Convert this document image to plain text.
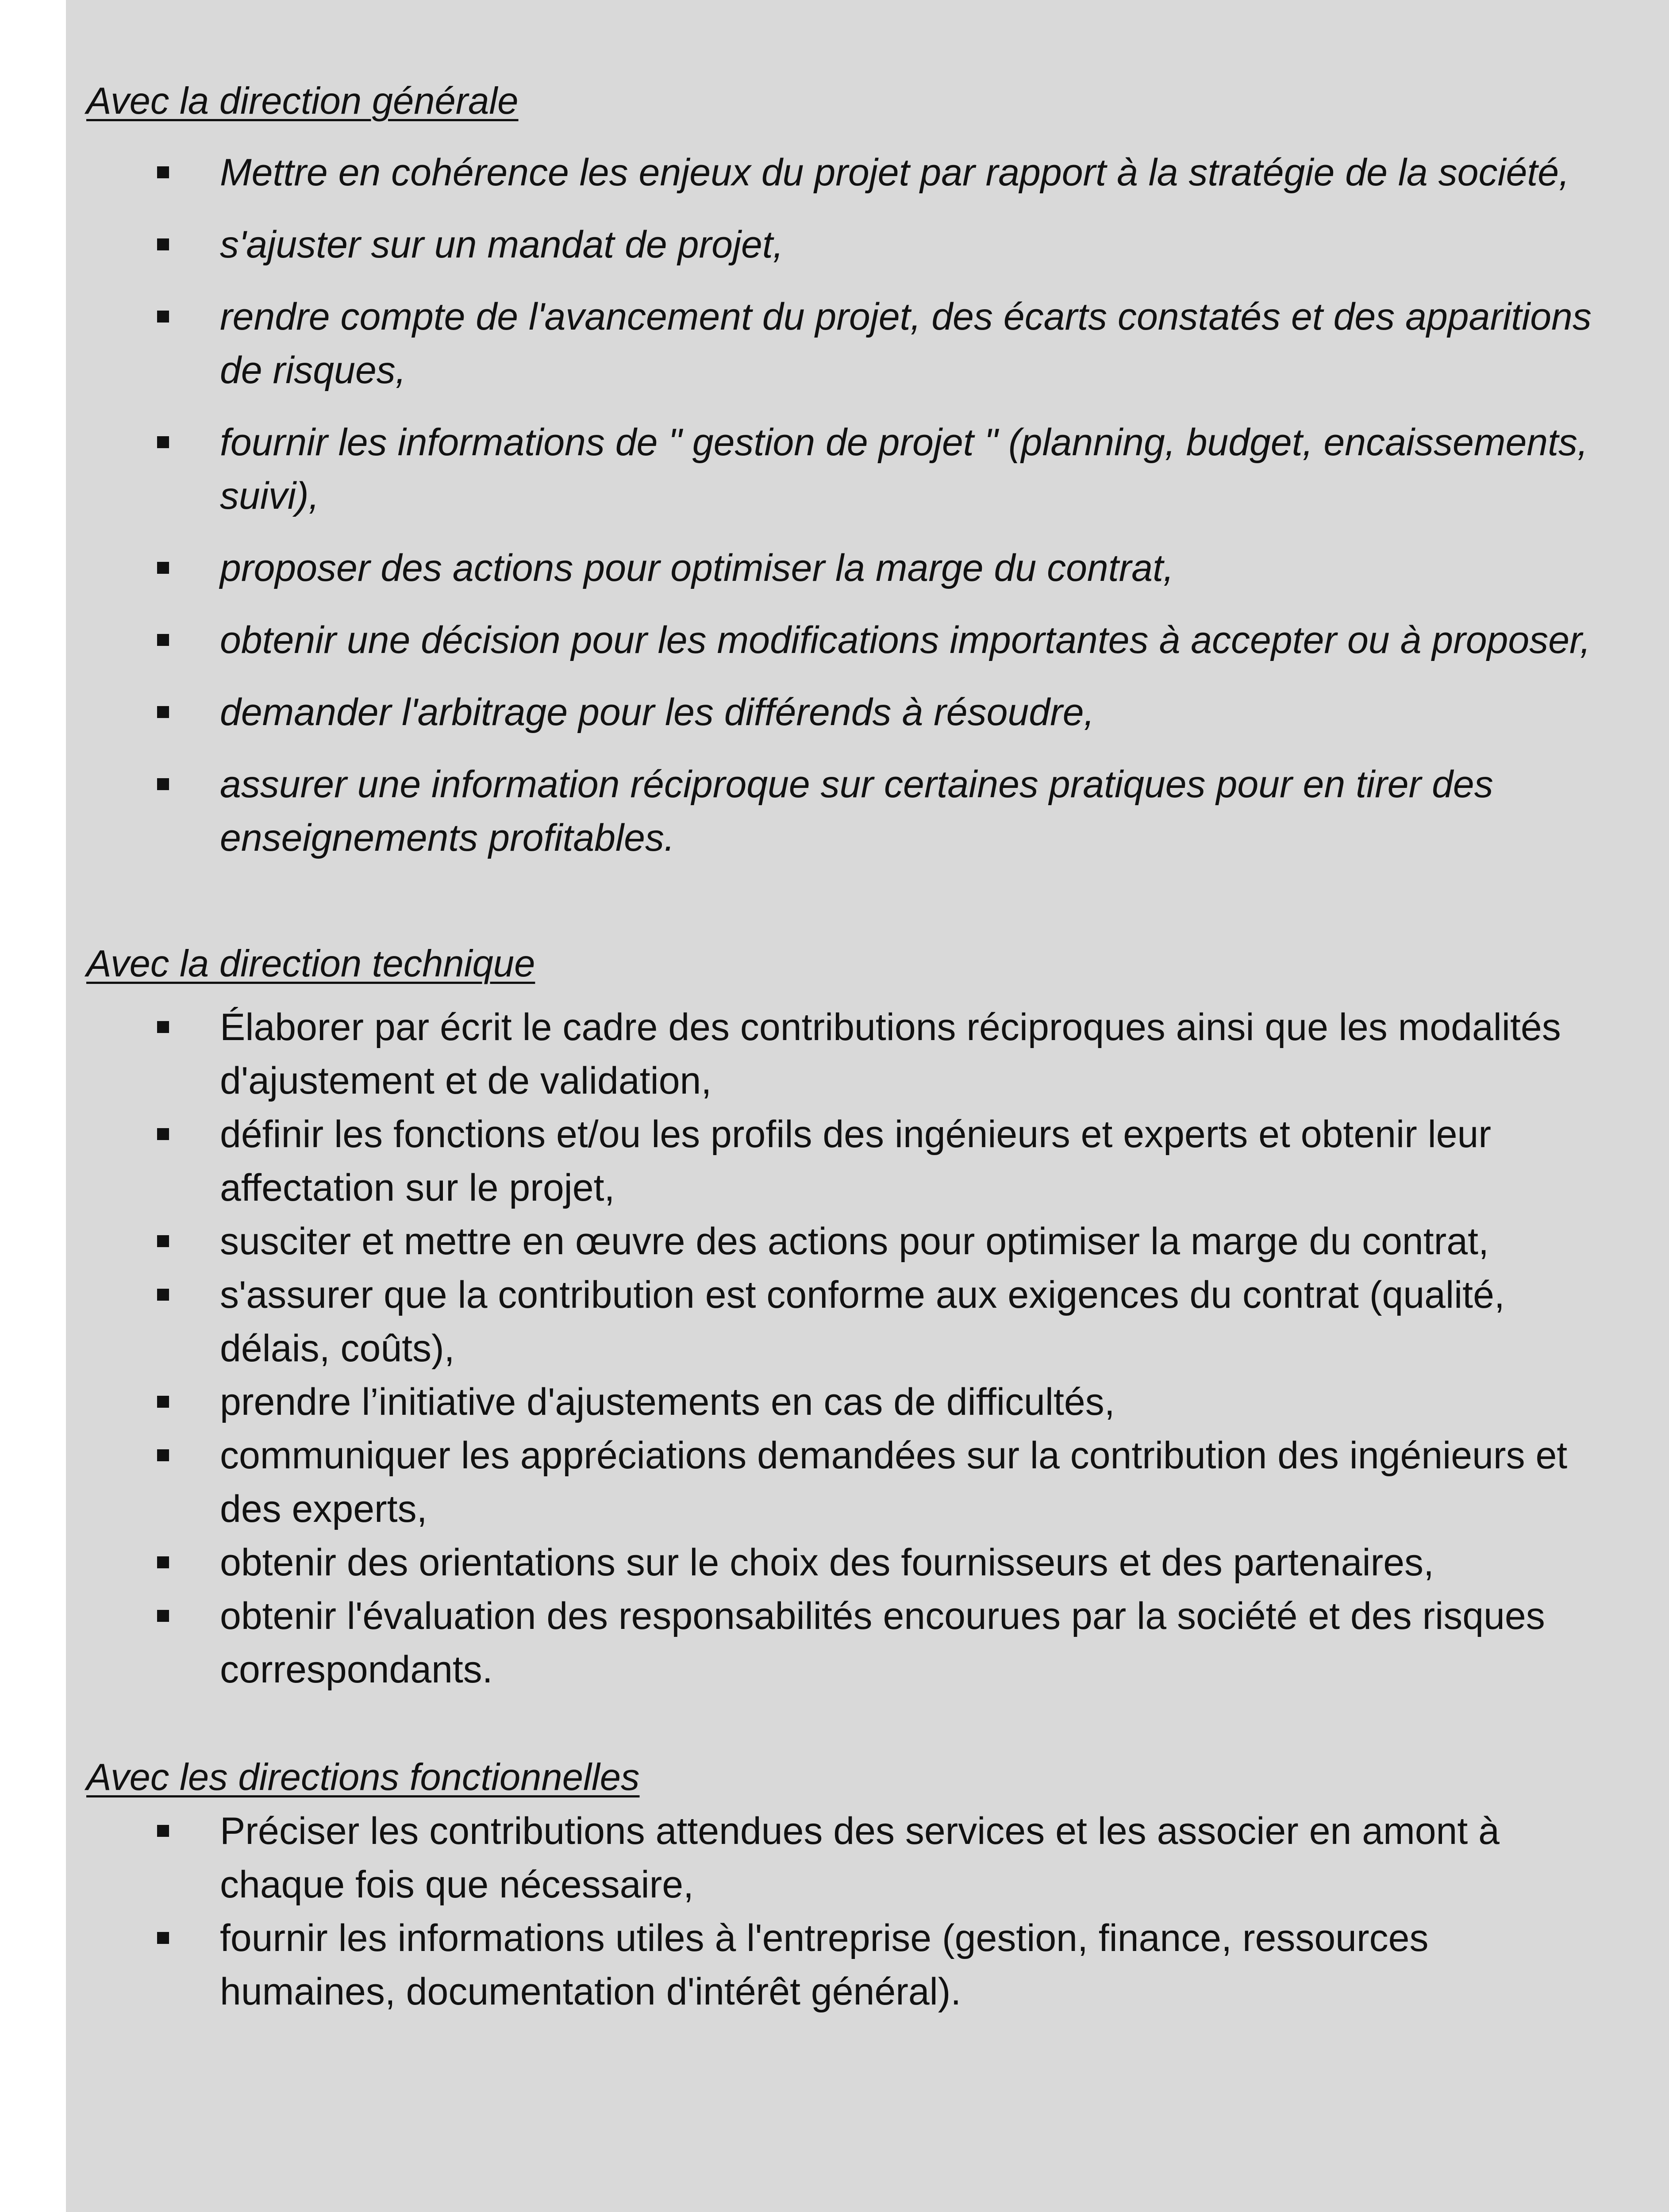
Avec la direction générale

Mettre en cohérence les enjeux du projet par rapport à la stratégie de la société,
s'ajuster sur un mandat de projet,
rendre compte de l'avancement du projet, des écarts constatés et des apparitions de risques,
fournir les informations de " gestion de projet " (planning, budget, encaissements, suivi),
proposer des actions pour optimiser la marge du contrat,
obtenir une décision pour les modifications importantes à accepter ou à proposer,
demander l'arbitrage pour les différends à résoudre,
assurer une information réciproque sur certaines pratiques pour en tirer des enseignements profitables.

Avec la direction technique

Élaborer par écrit le cadre des contributions réciproques ainsi que les modalités d'ajustement et de validation,
définir les fonctions et/ou les profils des ingénieurs et experts et obtenir leur affectation sur le projet,
susciter et mettre en œuvre des actions pour optimiser la marge du contrat,
s'assurer que la contribution est conforme aux exigences du contrat (qualité, délais, coûts),
prendre l’initiative d'ajustements en cas de difficultés,
communiquer les appréciations demandées sur la contribution des ingénieurs et des experts,
obtenir des orientations sur le choix des fournisseurs et des partenaires,
obtenir l'évaluation des responsabilités encourues par la société et des risques correspondants.

Avec les directions fonctionnelles

Préciser les contributions attendues des services et les associer en amont à chaque fois que nécessaire,
fournir les informations utiles à l'entreprise (gestion, finance, ressources humaines, documentation d'intérêt général).
